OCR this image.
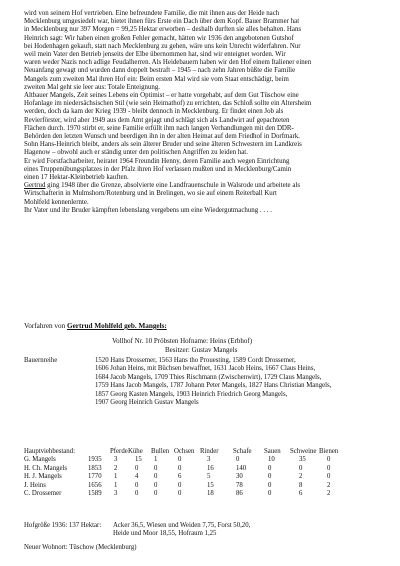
wird von seinem Hof vertrieben. Eine befreundete Familie, die mit ihnen aus der Heide nach

Mecklenburg umgesiedelt war, bietet ihnen fürs Erste ein Dach über dem Kopf. Bauer Brammer hat

in Mecklenburg nur 397 Morgen = 99,25 Hektar erworben – deshalb durften sie alles behalten. Hans

Heinrich sagt: Wir haben einen großen Fehler gemacht, hätten wir 1936 den angebotenen Gutshof

bei Hodenhagen gekauft, statt nach Mecklenburg zu gehen, wäre uns kein Unrecht widerfahren. Nur

weil mein Vater den Betrieb jenseits der Elbe übernommen hat, sind wir enteignet worden. Wir

waren weder Nazis noch adlige Feudalherren. Als Heidebauern haben wir den Hof einem Italiener einen

Neuanfang gewagt und wurden dann doppelt bestraft – 1945 – nach zehn Jahren büßte die Familie

Mangels zum zweiten Mal ihren Hof ein: Beim ersten Mal wird sie vom Staat entschädigt, beim

zweiten Mal geht sie leer aus: Totale Enteignung.

Altbauer Mangels, Zeit seines Lebens ein Optimist – er hatte vorgehabt, auf dem Gut Tüschow eine

Hofanlage im niedersächsischen Stil (wie sein Heimathof) zu errichten, das Schloß sollte ein Altersheim

werden, doch da kam der Krieg 1939 - bleibt dennoch in Mecklenburg. Er findet einen Job als

Revierförster, wird aber 1949 aus dem Amt gejagt und schlägt sich als Landwirt auf gepachteten

Flächen durch. 1970 stirbt er, seine Familie erfüllt ihm nach langen Verhandlungen mit den DDR-

Behörden den letzten Wunsch und beerdigen ihn in der alten Heimat auf dem Friedhof in Dorfmark.

Sohn Hans-Heinrich bleibt, anders als sein älterer Bruder und seine älteren Schwestern im Landkreis

Hagenow – obwohl auch er ständig unter den politischen Angriffen zu leiden hat.

Er wird Forstfacharbeiter, heiratet 1964 Freundin Henny, deren Familie auch wegen Einrichtung

eines Truppenübungsplatzes in der Pfalz ihren Hof verlassen mußten und in Mecklenburg/Camin

einen 17 Hektar-Kleinbetrieb kauften.

Gertrud ging 1948 über die Grenze, absolvierte eine Landfrauenschule in Walsrode und arbeitete als

Wirtschafterin in Mulmshorn/Rotenburg und in Brelingen, wo sie auf einem Reiterball Kurt

Mohlfeld kennenlernte.

Ihr Vater und ihr Bruder kämpften lebenslang vergebens um eine Wiedergutmachung . . . .

Vorfahren von Gertrud Mohlfeld geb. Mangels:
Vollhof Nr. 10 Pröbsten Hofname: Heins (Erbhof)
Besitzer: Gustav Mangels
Bauernreihe	1520 Hans Drossemer, 1563 Hans tho Prouesting, 1589 Cordt Drossemer,
1606 Johan Heins, mit Büchsen bewaffnet, 1631 Jacob Heins, 1667 Claus Heins,
1684 Jacob Mangels, 1709 Thies Rischmann (Zwischenwirt), 1729 Claus Mangels,
1759 Hans Jacob Mangels, 1787 Johann Peter Mangels, 1827 Hans Christian Mangels,
1857 Georg Kasten Mangels, 1903 Heinrich Friedrich Georg Mangels,
1907 Georg Heinrich Gustav Mangels
Hauptviehbestand:	Pferde Kühe Bullen Ochsen Rinder Schafe Sauen Schweine Bienen
G. Mangels	1935 3	15 1	0	3	0	10	35	0
H. Ch. Mangels	1853 2	0 0	0	16	140	0	0	0
H. J. Mangels	1770 1	4 0	6	5	30	0	2	0
J. Heins	1656 1	0 0	0	15	78	0	8	2
C. Drossemer	1589 3	0 0	0	18	86	0	6	2
Hofgröße 1936: 137 Hektar: Acker 36,5, Wiesen und Weiden 7,75, Forst 50,20,
Heide und Moor 18,55, Hofraum 1,25
Neuer Wohnort: Tüschow (Mecklenburg)
